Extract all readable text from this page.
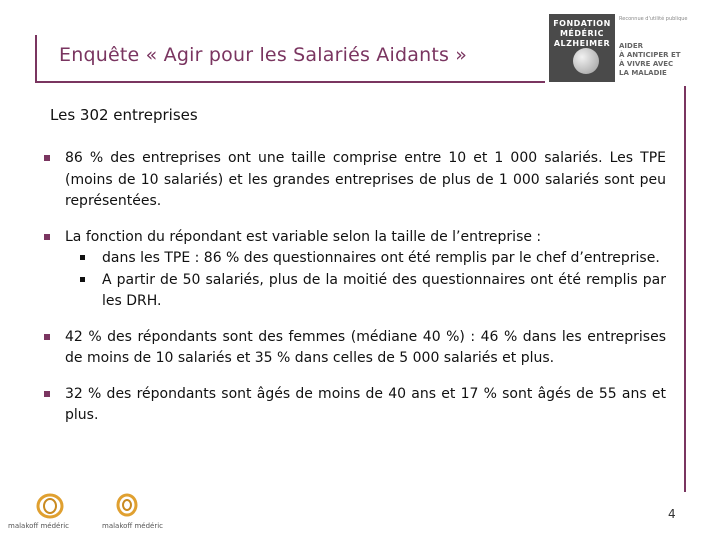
Enquête « Agir pour les Salariés Aidants »
FONDATION
MÉDÉRIC
ALZHEIMER
Reconnue d'utilité publique
AIDER
À ANTICIPER ET
À VIVRE AVEC
LA MALADIE
Les 302 entreprises
86 % des entreprises ont une taille comprise entre 10 et 1 000 salariés. Les TPE (moins de 10 salariés) et les grandes entreprises de plus de 1 000 salariés sont peu représentées.
La fonction du répondant est variable selon la taille de l’entreprise :
dans les TPE : 86 % des questionnaires ont été remplis par le chef d’entreprise.
A partir de 50 salariés, plus de la moitié des questionnaires ont été remplis par les DRH.
42 % des répondants sont des femmes (médiane 40 %) : 46 % dans les entreprises de moins de 10 salariés et 35 % dans celles de 5 000 salariés et plus.
32 % des répondants sont âgés de moins de 40 ans et 17 % sont âgés de 55 ans et plus.
malakoff médéric	malakoff médéric
4
